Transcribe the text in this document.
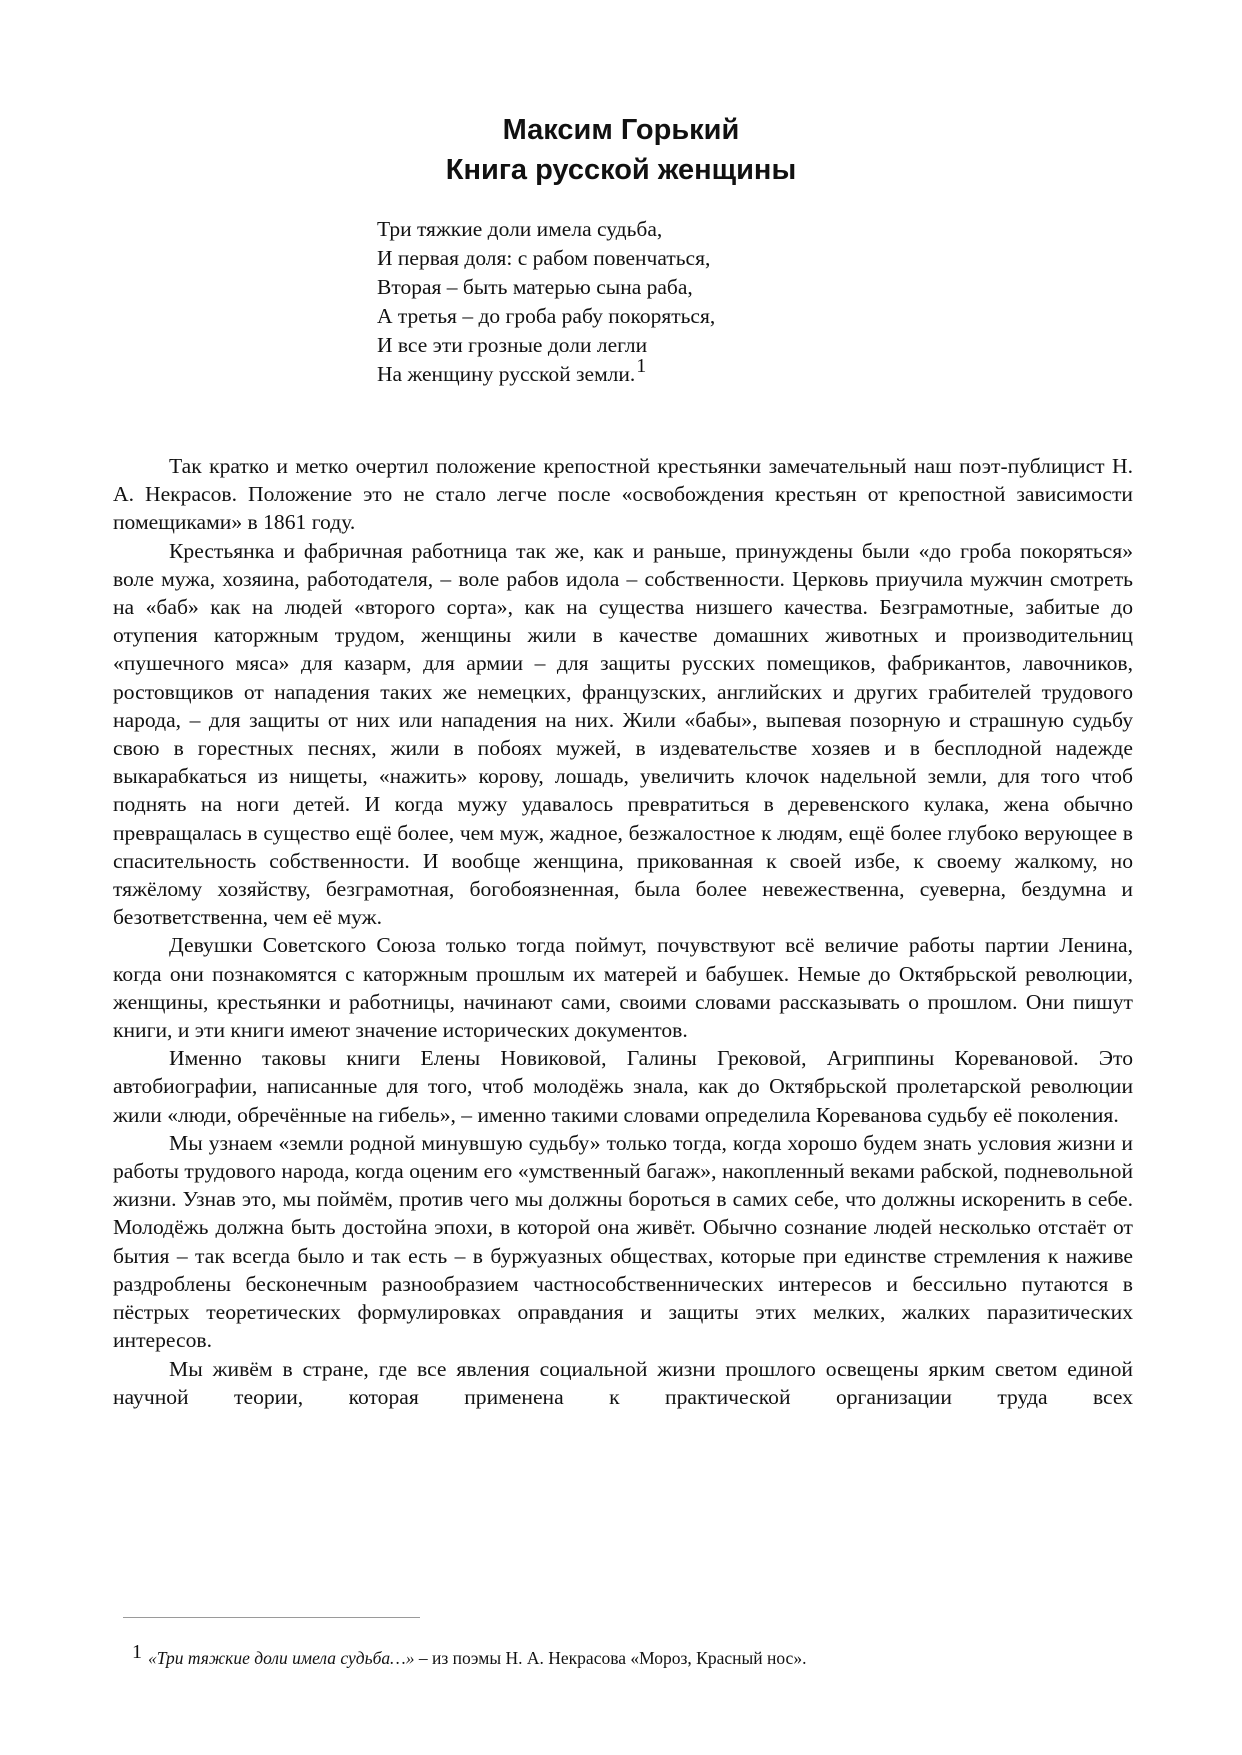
Максим Горький
Книга русской женщины
Три тяжкие доли имела судьба,
И первая доля: с рабом повенчаться,
Вторая – быть матерью сына раба,
А третья – до гроба рабу покоряться,
И все эти грозные доли легли
На женщину русской земли.$^1$

Так кратко и метко очертил положение крепостной крестьянки замечательный наш поэт-публицист Н. А. Некрасов. Положение это не стало легче после «освобождения крестьян от крепостной зависимости помещиками» в 1861 году.

Крестьянка и фабричная работница так же, как и раньше, принуждены были «до гроба покоряться» воле мужа, хозяина, работодателя, – воле рабов идола – собственности. Церковь приучила мужчин смотреть на «баб» как на людей «второго сорта», как на существа низшего качества. Безграмотные, забитые до отупения каторжным трудом, женщины жили в качестве домашних животных и производительниц «пушечного мяса» для казарм, для армии – для защиты русских помещиков, фабрикантов, лавочников, ростовщиков от нападения таких же немецких, французских, английских и других грабителей трудового народа, – для защиты от них или нападения на них. Жили «бабы», выпевая позорную и страшную судьбу свою в горестных песнях, жили в побоях мужей, в издевательстве хозяев и в бесплодной надежде выкарабкаться из нищеты, «нажить» корову, лошадь, увеличить клочок надельной земли, для того чтоб поднять на ноги детей. И когда мужу удавалось превратиться в деревенского кулака, жена обычно превращалась в существо ещё более, чем муж, жадное, безжалостное к людям, ещё более глубоко верующее в спасительность собственности. И вообще женщина, прикованная к своей избе, к своему жалкому, но тяжёлому хозяйству, безграмотная, богобоязненная, была более невежественна, суеверна, бездумна и безответственна, чем её муж.

Девушки Советского Союза только тогда поймут, почувствуют всё величие работы партии Ленина, когда они познакомятся с каторжным прошлым их матерей и бабушек. Немые до Октябрьской революции, женщины, крестьянки и работницы, начинают сами, своими словами рассказывать о прошлом. Они пишут книги, и эти книги имеют значение исторических документов.

Именно таковы книги Елены Новиковой, Галины Грековой, Агриппины Коревановой. Это автобиографии, написанные для того, чтоб молодёжь знала, как до Октябрьской пролетарской революции жили «люди, обречённые на гибель», – именно такими словами определила Кореванова судьбу её поколения.

Мы узнаем «земли родной минувшую судьбу» только тогда, когда хорошо будем знать условия жизни и работы трудового народа, когда оценим его «умственный багаж», накопленный веками рабской, подневольной жизни. Узнав это, мы поймём, против чего мы должны бороться в самих себе, что должны искоренить в себе. Молодёжь должна быть достойна эпохи, в которой она живёт. Обычно сознание людей несколько отстаёт от бытия – так всегда было и так есть – в буржуазных обществах, которые при единстве стремления к наживе раздроблены бесконечным разнообразием частнособственнических интересов и бессильно путаются в пёстрых теоретических формулировках оправдания и защиты этих мелких, жалких паразитических интересов.

Мы живём в стране, где все явления социальной жизни прошлого освещены ярким светом единой научной теории, которая применена к практической организации труда всех

1 «Три тяжкие доли имела судьба…» – из поэмы Н. А. Некрасова «Мороз, Красный нос».
